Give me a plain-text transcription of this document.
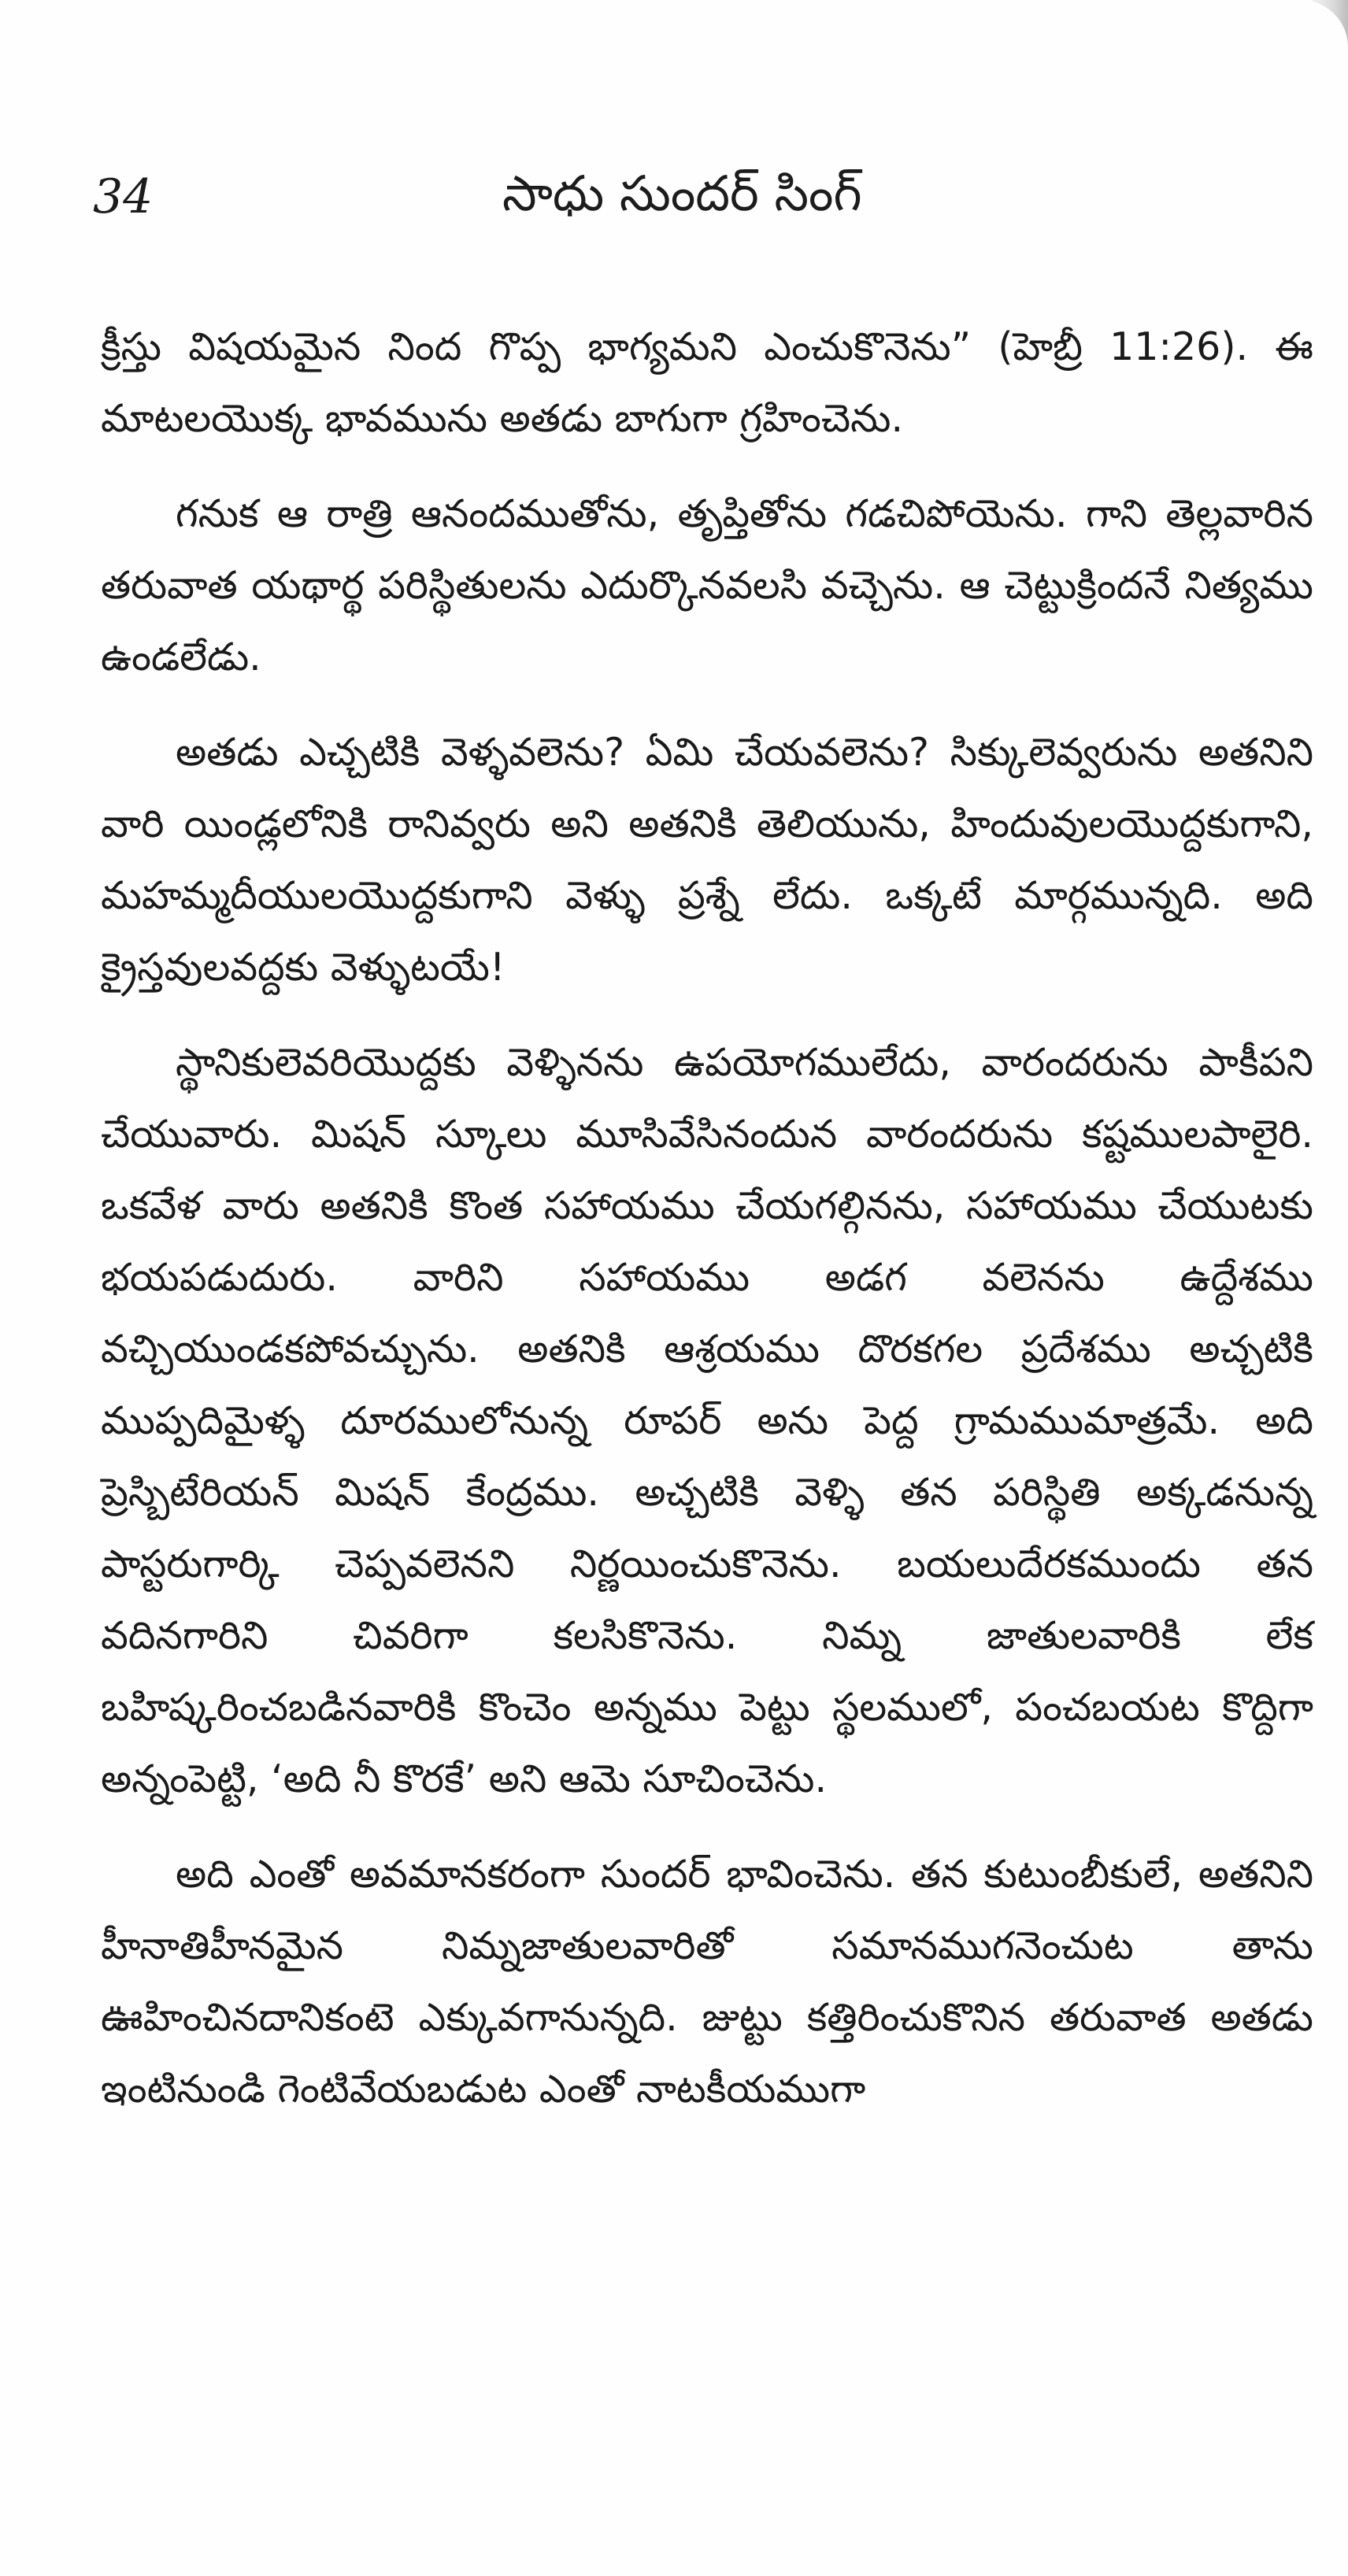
34	సాధు సుందర్ సింగ్

క్రీస్తు విషయమైన నింద గొప్ప భాగ్యమని ఎంచుకొనెను” (హెబ్రీ 11:26). ఈ మాటలయొక్క భావమును అతడు బాగుగా గ్రహించెను.

గనుక ఆ రాత్రి ఆనందముతోను, తృప్తితోను గడచిపోయెను. గాని తెల్లవారిన తరువాత యథార్థ పరిస్థితులను ఎదుర్కొనవలసి వచ్చెను. ఆ చెట్టుక్రిందనే నిత్యము ఉండలేడు.

అతడు ఎచ్చటికి వెళ్ళవలెను? ఏమి చేయవలెను? సిక్కులెవ్వరును అతనిని వారి యిండ్లలోనికి రానివ్వరు అని అతనికి తెలియును, హిందువులయొద్దకుగాని, మహమ్మదీయులయొద్దకుగాని వెళ్ళు ప్రశ్నే లేదు. ఒక్కటే మార్గమున్నది. అది క్రైస్తవులవద్దకు వెళ్ళుటయే!

స్థానికులెవరియొద్దకు వెళ్ళినను ఉపయోగములేదు, వారందరును పాకీపని చేయువారు. మిషన్ స్కూలు మూసివేసినందున వారందరును కష్టములపాలైరి. ఒకవేళ వారు అతనికి కొంత సహాయము చేయగల్గినను, సహాయము చేయుటకు భయపడుదురు. వారిని సహాయము అడగ వలెనను ఉద్దేశము వచ్చియుండకపోవచ్చును. అతనికి ఆశ్రయము దొరకగల ప్రదేశము అచ్చటికి ముప్పదిమైళ్ళ దూరములోనున్న రూపర్ అను పెద్ద గ్రామముమాత్రమే. అది ప్రెస్బిటేరియన్ మిషన్ కేంద్రము. అచ్చటికి వెళ్ళి తన పరిస్థితి అక్కడనున్న పాస్టరుగార్కి చెప్పవలెనని నిర్ణయించుకొనెను. బయలుదేరకముందు తన వదినగారిని చివరిగా కలసికొనెను. నిమ్న జాతులవారికి లేక బహిష్కరించబడినవారికి కొంచెం అన్నము పెట్టు స్థలములో, పంచబయట కొద్దిగా అన్నంపెట్టి, ‘అది నీ కొరకే’ అని ఆమె సూచించెను.

అది ఎంతో అవమానకరంగా సుందర్ భావించెను. తన కుటుంబీకులే, అతనిని హీనాతిహీనమైన నిమ్నజాతులవారితో సమానముగనెంచుట తాను ఊహించినదానికంటె ఎక్కువగానున్నది. జుట్టు కత్తిరించుకొనిన తరువాత అతడు ఇంటినుండి గెంటివేయబడుట ఎంతో నాటకీయముగా
